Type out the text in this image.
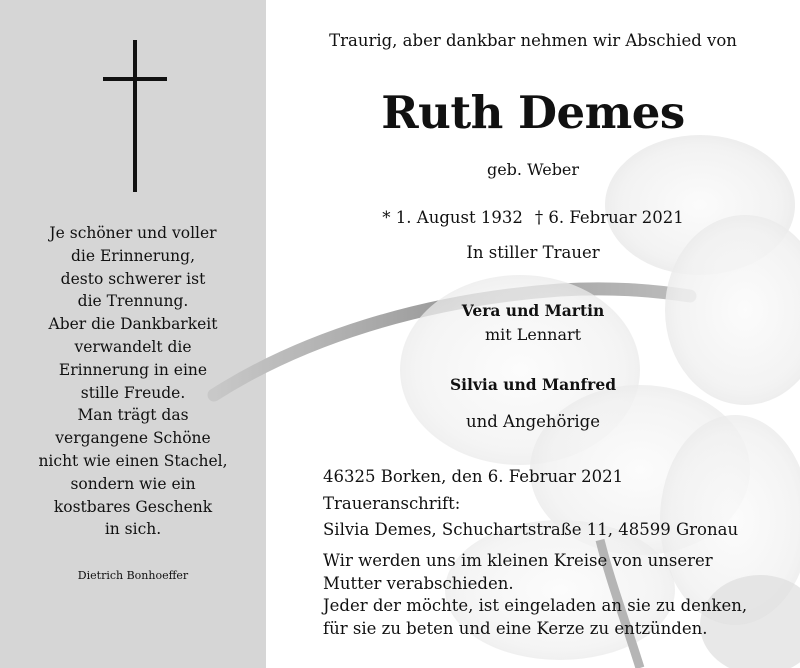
Je schöner und voller
die Erinnerung,
desto schwerer ist
die Trennung.
Aber die Dankbarkeit
verwandelt die
Erinnerung in eine
stille Freude.
Man trägt das
vergangene Schöne
nicht wie einen Stachel,
sondern wie ein
kostbares Geschenk
in sich.
Dietrich Bonhoeffer
Traurig, aber dankbar nehmen wir Abschied von
Ruth Demes
geb. Weber
* 1. August 1932 † 6. Februar 2021
In stiller Trauer
Vera und Martin
mit Lennart
Silvia und Manfred
und Angehörige
46325 Borken, den 6. Februar 2021
Traueranschrift:
Silvia Demes, Schuchartstraße 11, 48599 Gronau
Wir werden uns im kleinen Kreise von unserer
Mutter verabschieden.
Jeder der möchte, ist eingeladen an sie zu denken,
für sie zu beten und eine Kerze zu entzünden.
